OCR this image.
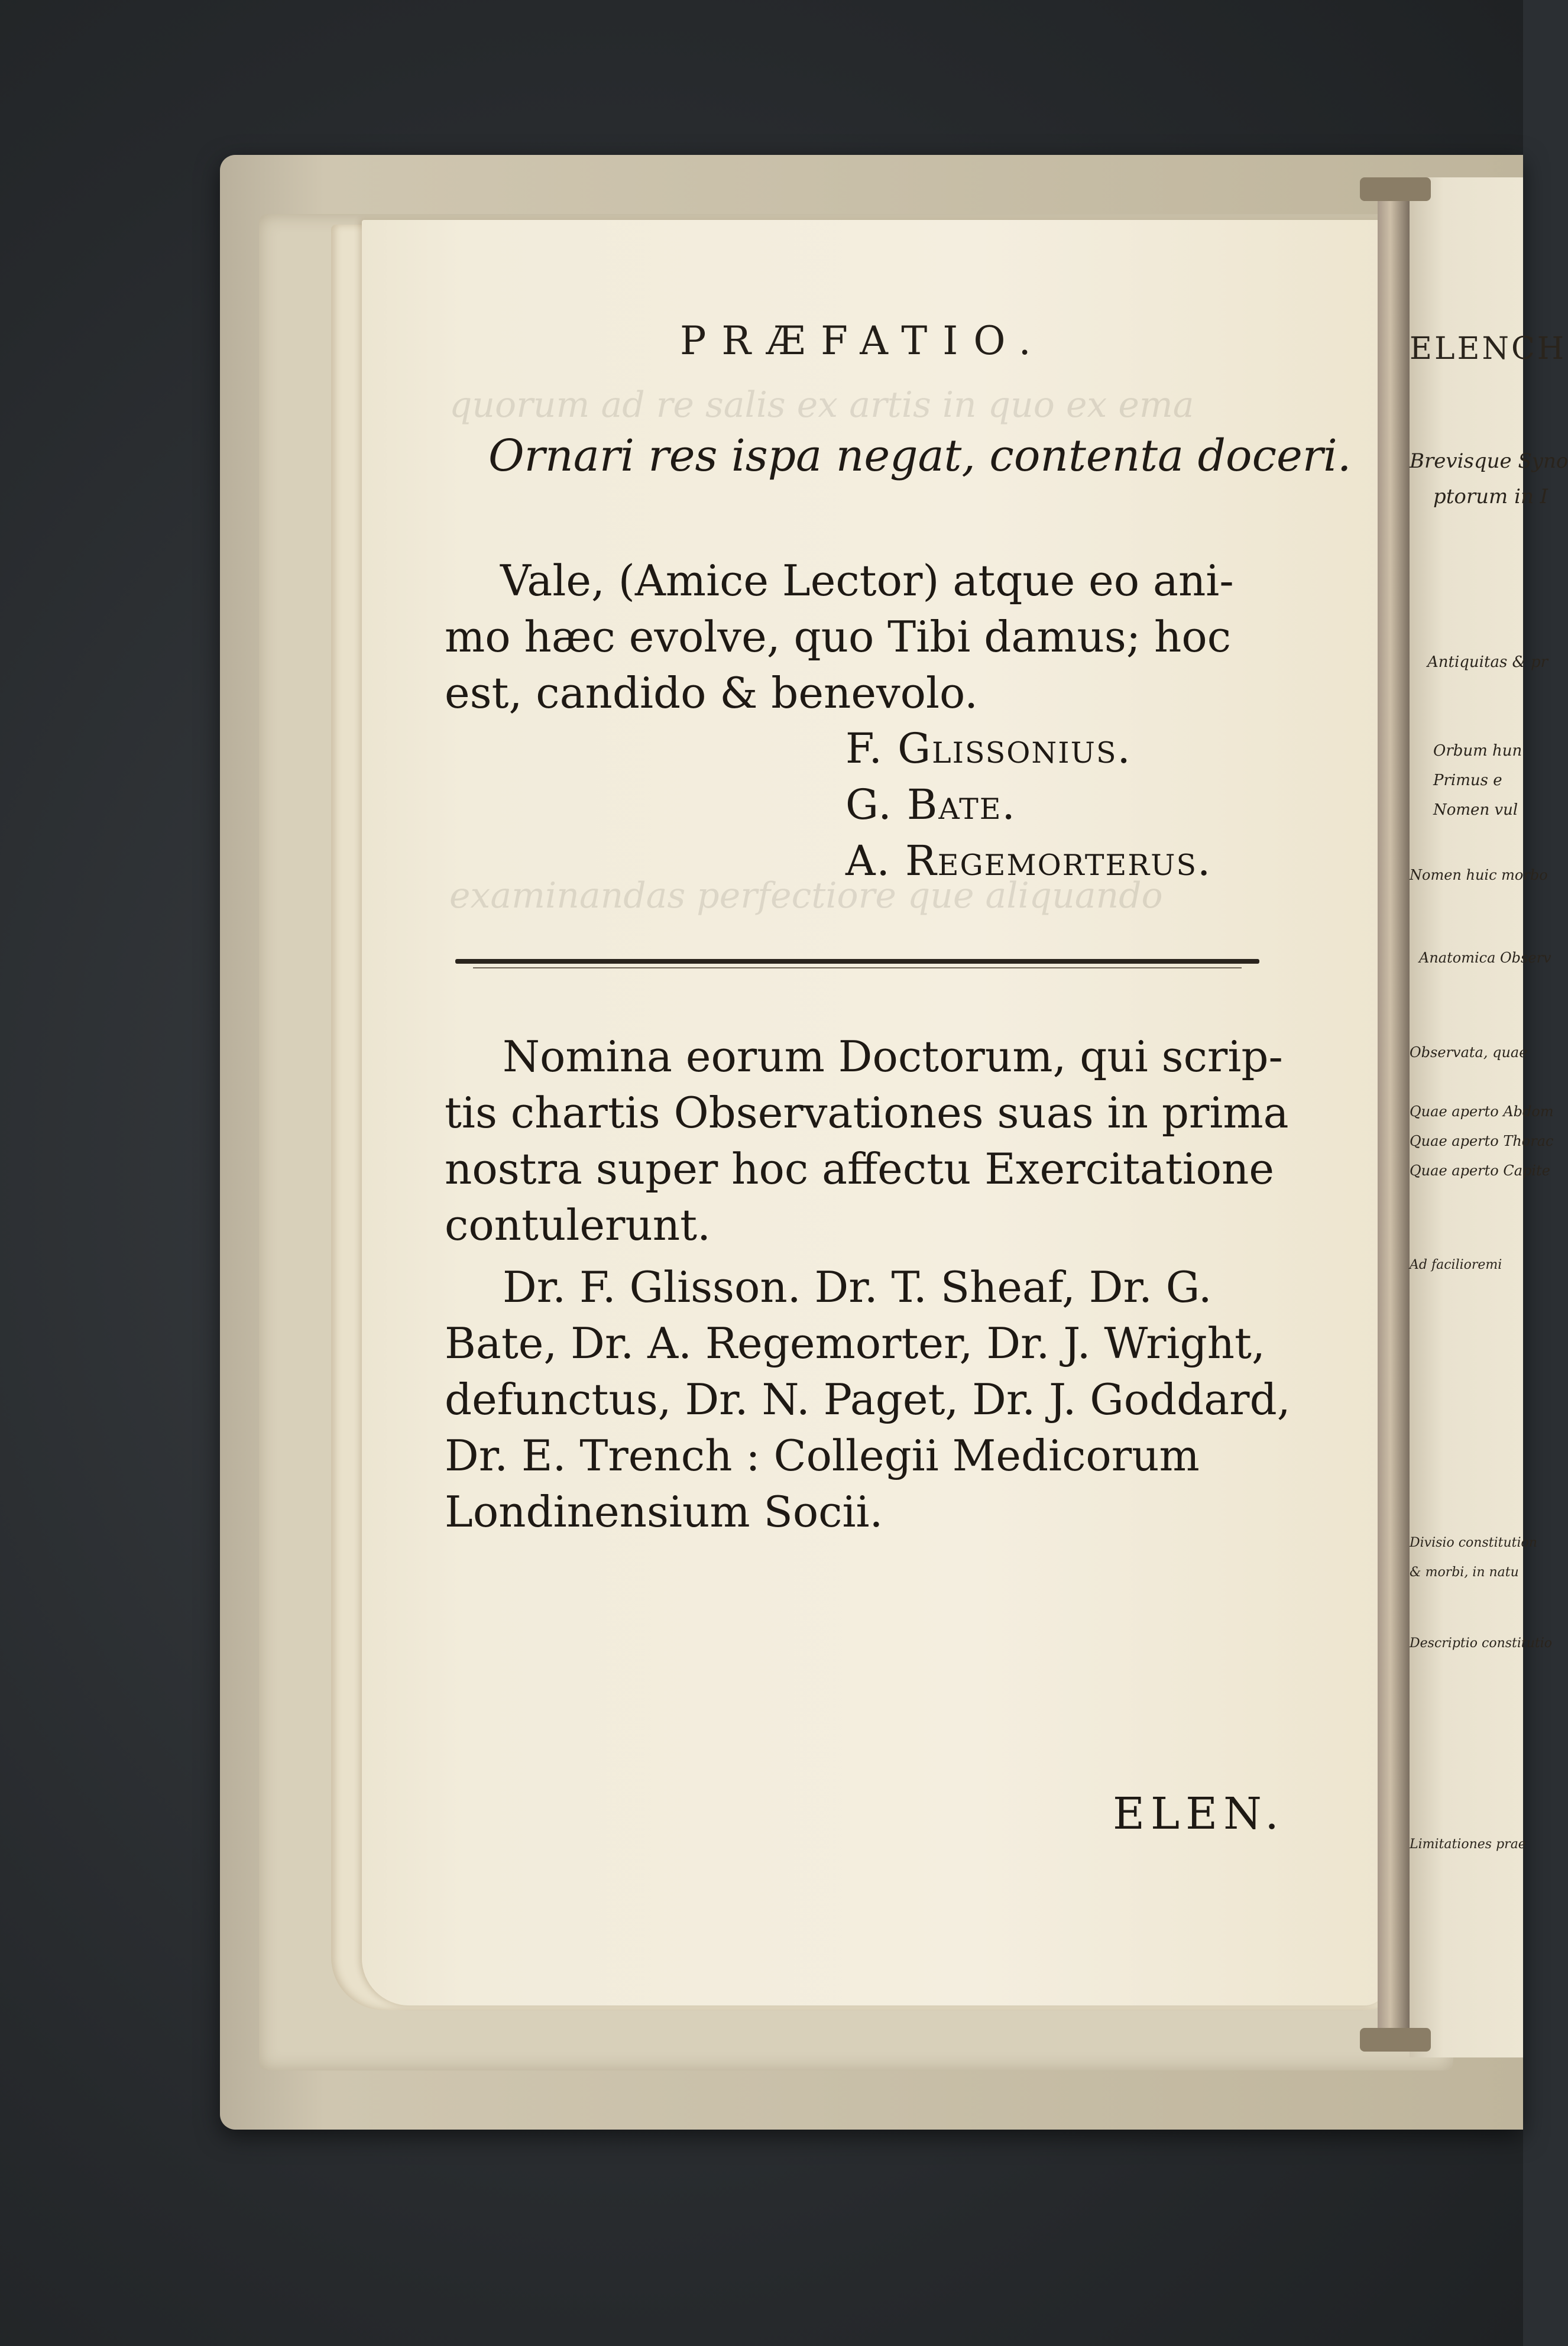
quorum ad re salis ex artis in quo ex ema
examinandas perfectiore que aliquando
PRÆFATIO.
Ornari res ispa negat, contenta doceri.
Vale, (Amice Lector) atque eo ani-
mo hæc evolve, quo Tibi damus; hoc
est, candido & benevolo.
F. Glissonius.
G. Bate.
A. Regemorterus.
Nomina eorum Doctorum, qui scrip-
tis chartis Observationes suas in prima
nostra super hoc affectu Exercitatione
contulerunt.
Dr. F. Glisson. Dr. T. Sheaf, Dr. G.
Bate, Dr. A. Regemorter, Dr. J. Wright,
defunctus, Dr. N. Paget, Dr. J. Goddard,
Dr. E. Trench : Collegii Medicorum
Londinensium Socii.
ELEN.
ELENCH
Brevisque Syno
ptorum in I
Antiquitas & pr
Orbum hun
Primus e
Nomen vul
Nomen huic morbo
Anatomica Observ
Observata, quae
Quae aperto Abdom
Quae aperto Thorac
Quae aperto Capite
Ad facilioremi
Divisio constitution
& morbi, in natu
Descriptio constitutio
Limitationes prae
